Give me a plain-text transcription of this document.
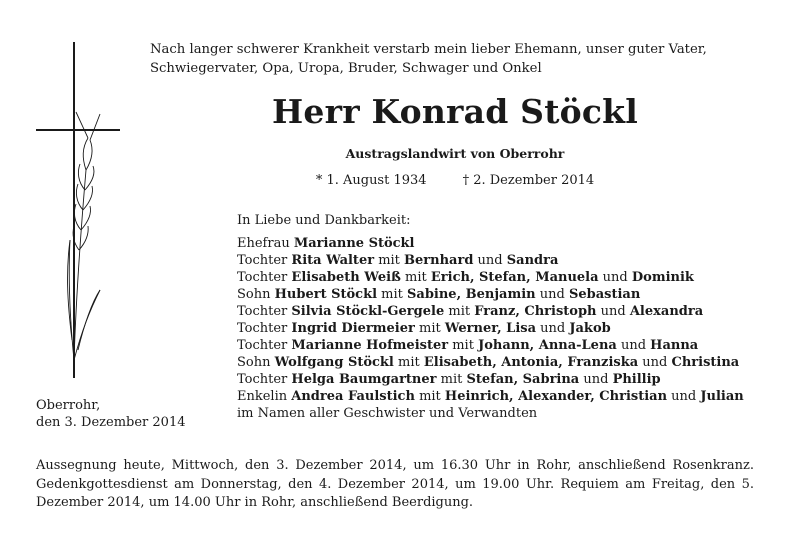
Nach langer schwerer Krankheit verstarb mein lieber Ehemann, unser guter Vater, Schwiegervater, Opa, Uropa, Bruder, Schwager und Onkel
Herr Konrad Stöckl
Austragslandwirt von Oberrohr
* 1. August 1934	† 2. Dezember 2014
In Liebe und Dankbarkeit:
Ehefrau Marianne Stöckl
Tochter Rita Walter mit Bernhard und Sandra
Tochter Elisabeth Weiß mit Erich, Stefan, Manuela und Dominik
Sohn Hubert Stöckl mit Sabine, Benjamin und Sebastian
Tochter Silvia Stöckl-Gergele mit Franz, Christoph und Alexandra
Tochter Ingrid Diermeier mit Werner, Lisa und Jakob
Tochter Marianne Hofmeister mit Johann, Anna-Lena und Hanna
Sohn Wolfgang Stöckl mit Elisabeth, Antonia, Franziska und Christina
Tochter Helga Baumgartner mit Stefan, Sabrina und Phillip
Enkelin Andrea Faulstich mit Heinrich, Alexander, Christian und Julian
im Namen aller Geschwister und Verwandten
Oberrohr,
den 3. Dezember 2014
Aussegnung heute, Mittwoch, den 3. Dezember 2014, um 16.30 Uhr in Rohr, anschließend Rosenkranz. Gedenkgottesdienst am Donnerstag, den 4. Dezember 2014, um 19.00 Uhr. Requiem am Freitag, den 5. Dezember 2014, um 14.00 Uhr in Rohr, anschließend Beerdigung.
